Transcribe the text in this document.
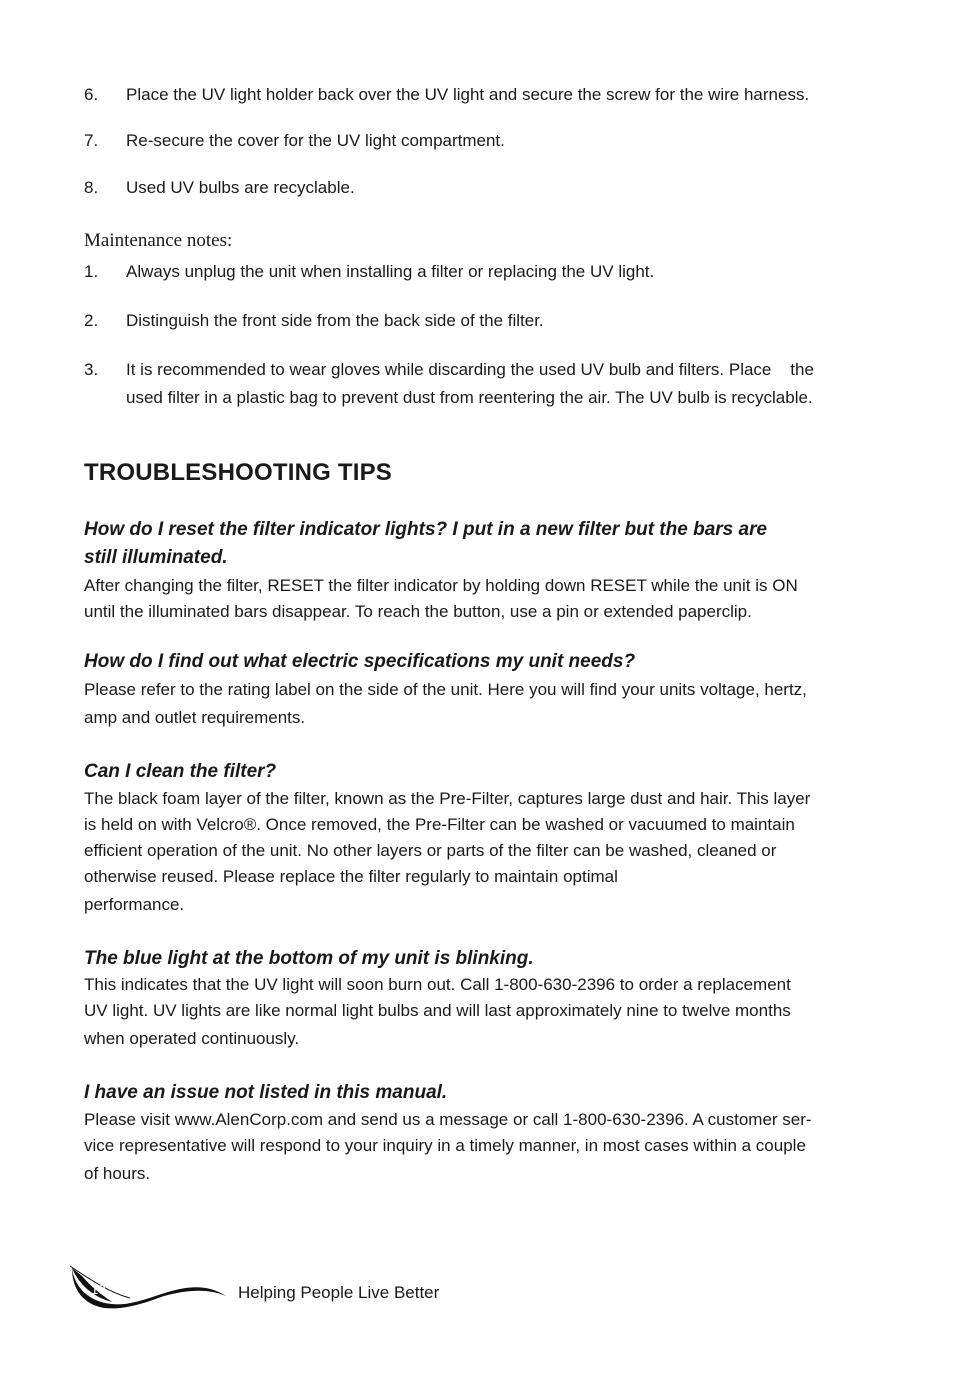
6. Place the UV light holder back over the UV light and secure the screw for the wire harness.
7. Re-secure the cover for the UV light compartment.
8. Used UV bulbs are recyclable.
Maintenance notes:
1. Always unplug the unit when installing a filter or replacing the UV light.
2. Distinguish the front side from the back side of the filter.
3. It is recommended to wear gloves while discarding the used UV bulb and filters. Place    the
used filter in a plastic bag to prevent dust from reentering the air. The UV bulb is recyclable.
TROUBLESHOOTING TIPS
How do I reset the filter indicator lights? I put in a new filter but the bars are
still illuminated.
After changing the filter, RESET the filter indicator by holding down RESET while the unit is ON
until the illuminated bars disappear. To reach the button, use a pin or extended paperclip.
How do I find out what electric specifications my unit needs?
Please refer to the rating label on the side of the unit. Here you will find your units voltage, hertz,
amp and outlet requirements.
Can I clean the filter?
The black foam layer of the filter, known as the Pre-Filter, captures large dust and hair. This layer
is held on with Velcro®. Once removed, the Pre-Filter can be washed or vacuumed to maintain
efficient operation of the unit. No other layers or parts of the filter can be washed, cleaned or
otherwise reused. Please replace the filter regularly to maintain optimal
performance.
The blue light at the bottom of my unit is blinking.
This indicates that the UV light will soon burn out. Call 1-800-630-2396 to order a replacement
UV light. UV lights are like normal light bulbs and will last approximately nine to twelve months
when operated continuously.
I have an issue not listed in this manual.
Please visit www.AlenCorp.com and send us a message or call 1-800-630-2396. A customer ser-
vice representative will respond to your inquiry in a timely manner, in most cases within a couple
of hours.
10	Helping People Live Better
